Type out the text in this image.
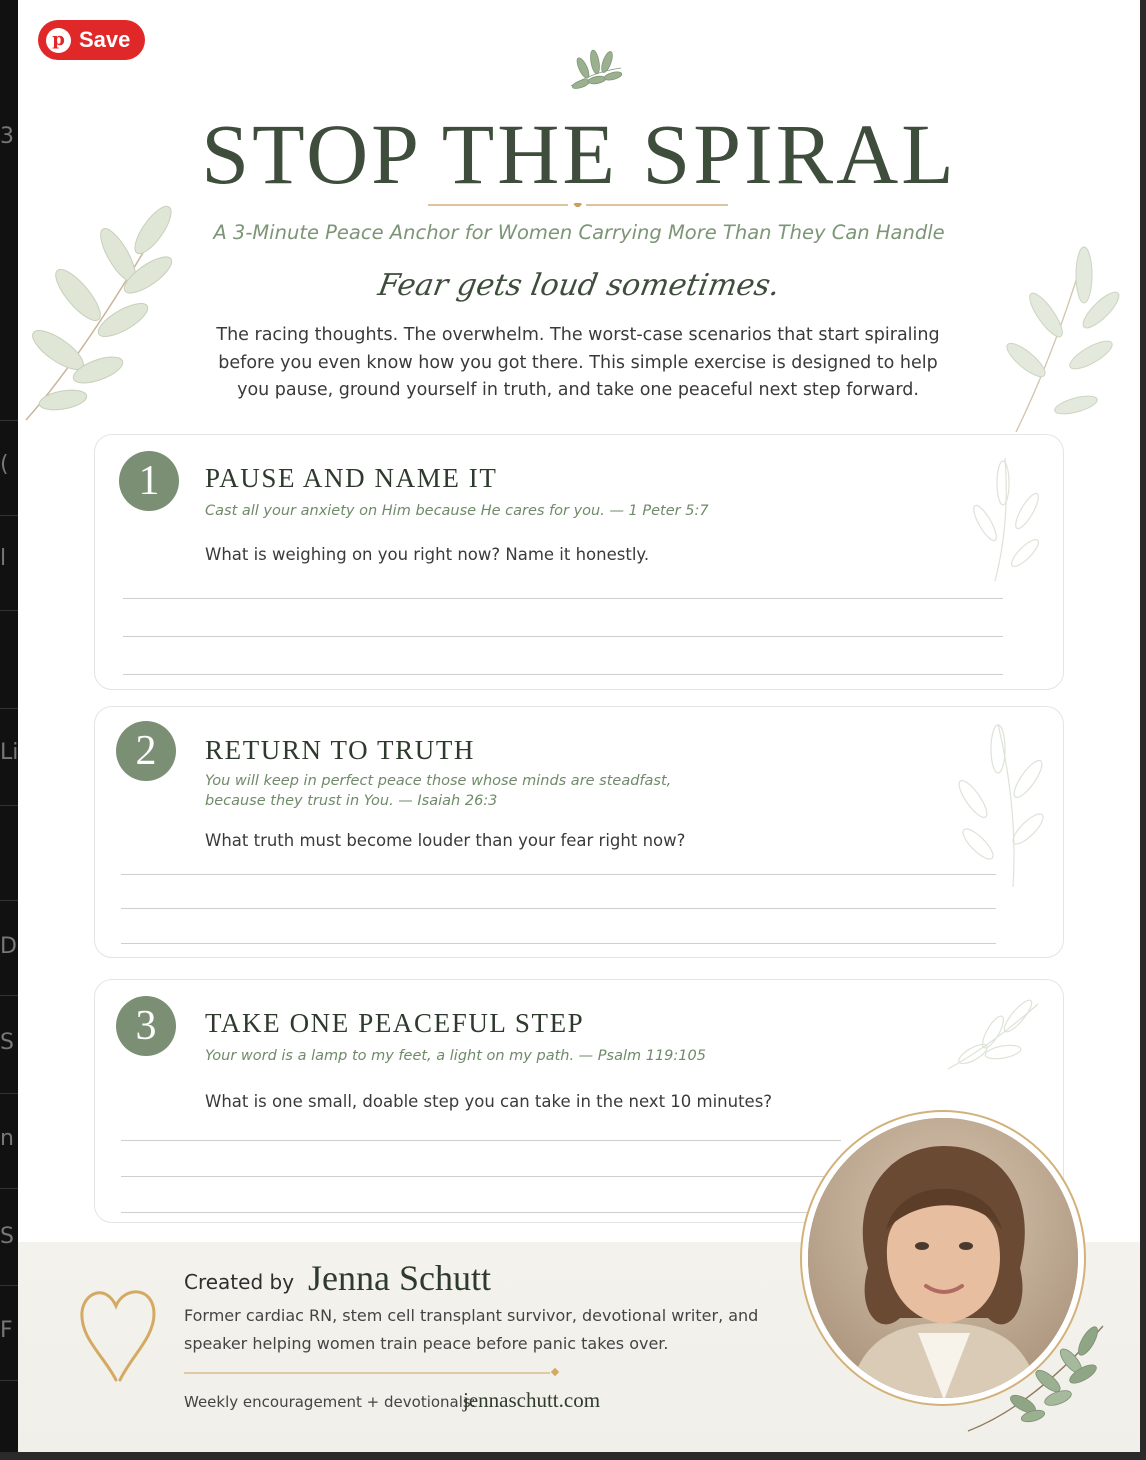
3
(
l
Li
D
S
n
S
F
p Save
STOP THE SPIRAL
A 3-Minute Peace Anchor for Women Carrying More Than They Can Handle
Fear gets loud sometimes.
The racing thoughts. The overwhelm. The worst-case scenarios that start spiraling
before you even know how you got there. This simple exercise is designed to help
you pause, ground yourself in truth, and take one peaceful next step forward.
1	PAUSE AND NAME IT
Cast all your anxiety on Him because He cares for you. — 1 Peter 5:7
What is weighing on you right now? Name it honestly.
2	RETURN TO TRUTH
You will keep in perfect peace those whose minds are steadfast,
because they trust in You. — Isaiah 26:3
What truth must become louder than your fear right now?
3	TAKE ONE PEACEFUL STEP
Your word is a lamp to my feet, a light on my path. — Psalm 119:105
What is one small, doable step you can take in the next 10 minutes?
Created by Jenna Schutt
Former cardiac RN, stem cell transplant survivor, devotional writer, and
speaker helping women train peace before panic takes over.
Weekly encouragement + devotionals:
jennaschutt.com
